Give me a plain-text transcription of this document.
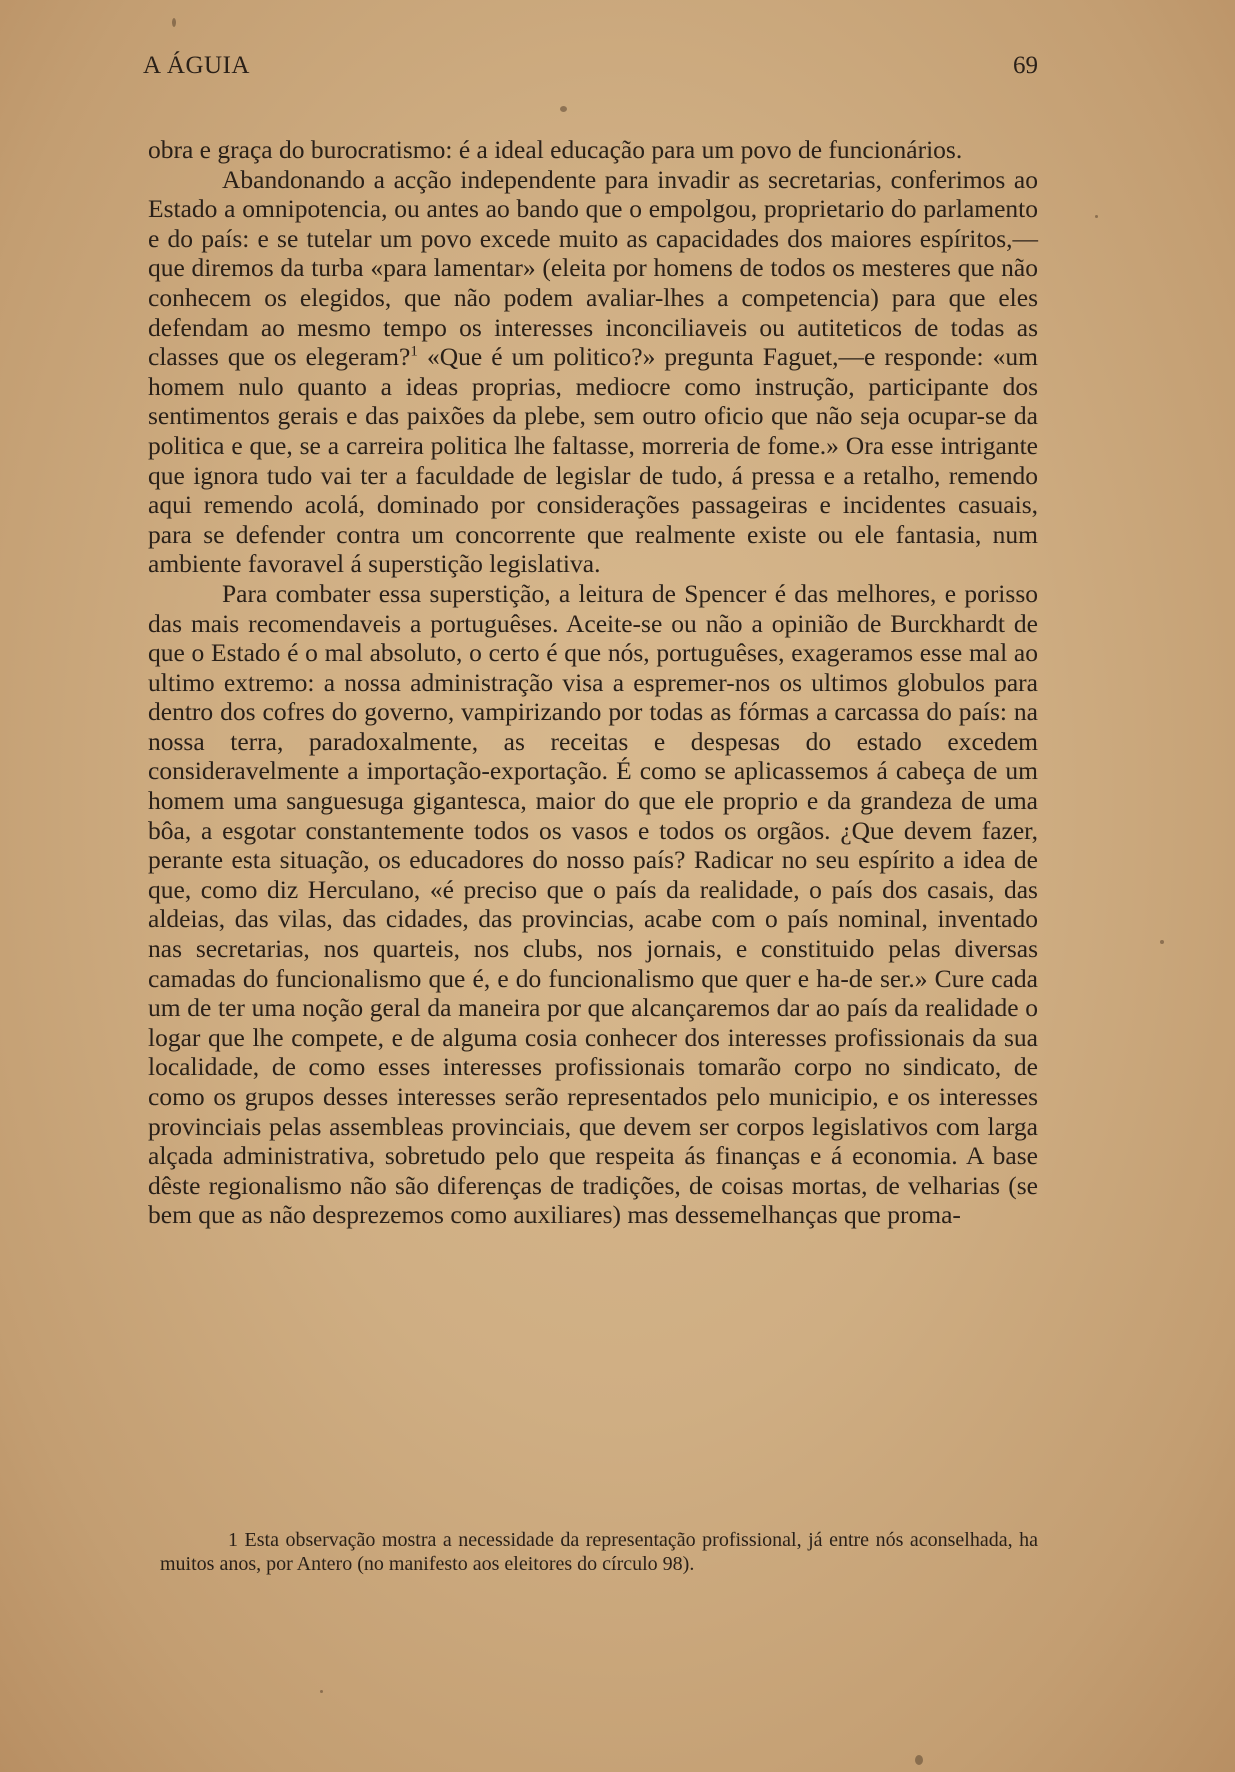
A ÁGUIA	69

obra e graça do burocratismo: é a ideal educação para um povo de funcionários.

Abandonando a acção independente para invadir as secretarias, conferimos ao Estado a omnipotencia, ou antes ao bando que o empolgou, proprietario do parlamento e do país: e se tutelar um povo excede muito as capacidades dos maiores espíritos,—que diremos da turba «para lamentar» (eleita por homens de todos os mesteres que não conhecem os elegidos, que não podem avaliar-lhes a competencia) para que eles defendam ao mesmo tempo os interesses inconciliaveis ou autiteticos de todas as classes que os elegeram?$^1$ «Que é um politico?» pregunta Faguet,—e responde: «um homem nulo quanto a ideas proprias, mediocre como instrução, participante dos sentimentos gerais e das paixões da plebe, sem outro oficio que não seja ocupar-se da politica e que, se a carreira politica lhe faltasse, morreria de fome.» Ora esse intrigante que ignora tudo vai ter a faculdade de legislar de tudo, á pressa e a retalho, remendo aqui remendo acolá, dominado por considerações passageiras e incidentes casuais, para se defender contra um concorrente que realmente existe ou ele fantasia, num ambiente favoravel á superstição legislativa.

Para combater essa superstição, a leitura de Spencer é das melhores, e porisso das mais recomendaveis a portuguêses. Aceite-se ou não a opinião de Burckhardt de que o Estado é o mal absoluto, o certo é que nós, portuguêses, exageramos esse mal ao ultimo extremo: a nossa administração visa a espremer-nos os ultimos globulos para dentro dos cofres do governo, vampirizando por todas as fórmas a carcassa do país: na nossa terra, paradoxalmente, as receitas e despesas do estado excedem consideravelmente a importação-exportação. É como se aplicassemos á cabeça de um homem uma sanguesuga gigantesca, maior do que ele proprio e da grandeza de uma bôa, a esgotar constantemente todos os vasos e todos os orgãos. ¿Que devem fazer, perante esta situação, os educadores do nosso país? Radicar no seu espírito a idea de que, como diz Herculano, «é preciso que o país da realidade, o país dos casais, das aldeias, das vilas, das cidades, das provincias, acabe com o país nominal, inventado nas secretarias, nos quarteis, nos clubs, nos jornais, e constituido pelas diversas camadas do funcionalismo que é, e do funcionalismo que quer e ha-de ser.» Cure cada um de ter uma noção geral da maneira por que alcançaremos dar ao país da realidade o logar que lhe compete, e de alguma cosia conhecer dos interesses profissionais da sua localidade, de como esses interesses profissionais tomarão corpo no sindicato, de como os grupos desses interesses serão representados pelo municipio, e os interesses provinciais pelas assembleas provinciais, que devem ser corpos legislativos com larga alçada administrativa, sobretudo pelo que respeita ás finanças e á economia. A base dêste regionalismo não são diferenças de tradições, de coisas mortas, de velharias (se bem que as não desprezemos como auxiliares) mas dessemelhanças que proma-

1 Esta observação mostra a necessidade da representação profissional, já entre nós aconselhada, ha muitos anos, por Antero (no manifesto aos eleitores do círculo 98).
